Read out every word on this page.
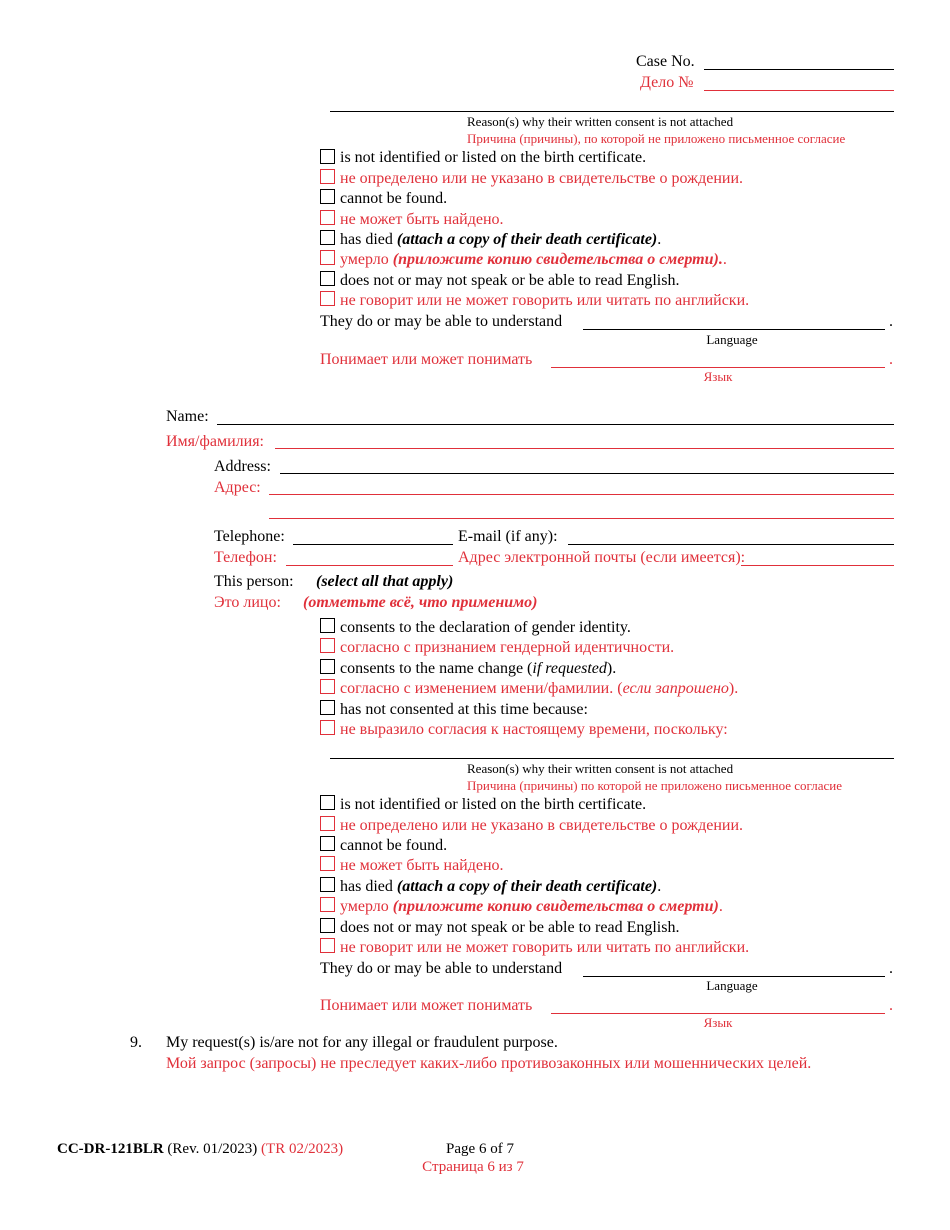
Case No.
Дело №
Reason(s) why their written consent is not attached
Причина (причины), по которой не приложено письменное согласие
is not identified or listed on the birth certificate.
не определено или не указано в свидетельстве о рождении.
cannot be found.
не может быть найдено.
has died (attach a copy of their death certificate).
умерло (приложите копию свидетельства о смерти)..
does not or may not speak or be able to read English.
не говорит или не может говорить или читать по английски.
They do or may be able to understand	.
Language
Понимает или может понимать	.
Язык
Name:
Имя/фамилия:
Address:
Адрес:
Telephone:	E-mail (if any):
Телефон:	Адрес электронной почты (если имеется):
This person: (select all that apply)
Это лицо: (отметьте всё, что применимо)
consents to the declaration of gender identity.
согласно с признанием гендерной идентичности.
consents to the name change (if requested).
согласно с изменением имени/фамилии. (если запрошено).
has not consented at this time because:
не выразило согласия к настоящему времени, поскольку:
Reason(s) why their written consent is not attached
Причина (причины) по которой не приложено письменное согласие
is not identified or listed on the birth certificate.
не определено или не указано в свидетельстве о рождении.
cannot be found.
не может быть найдено.
has died (attach a copy of their death certificate).
умерло (приложите копию свидетельства о смерти).
does not or may not speak or be able to read English.
не говорит или не может говорить или читать по английски.
They do or may be able to understand	.
Language
Понимает или может понимать	.
Язык
9. My request(s) is/are not for any illegal or fraudulent purpose.
Мой запрос (запросы) не преследует каких-либо противозаконных или мошеннических целей.
CC-DR-121BLR (Rev. 01/2023) (TR 02/2023)	Page 6 of 7
Страница 6 из 7
